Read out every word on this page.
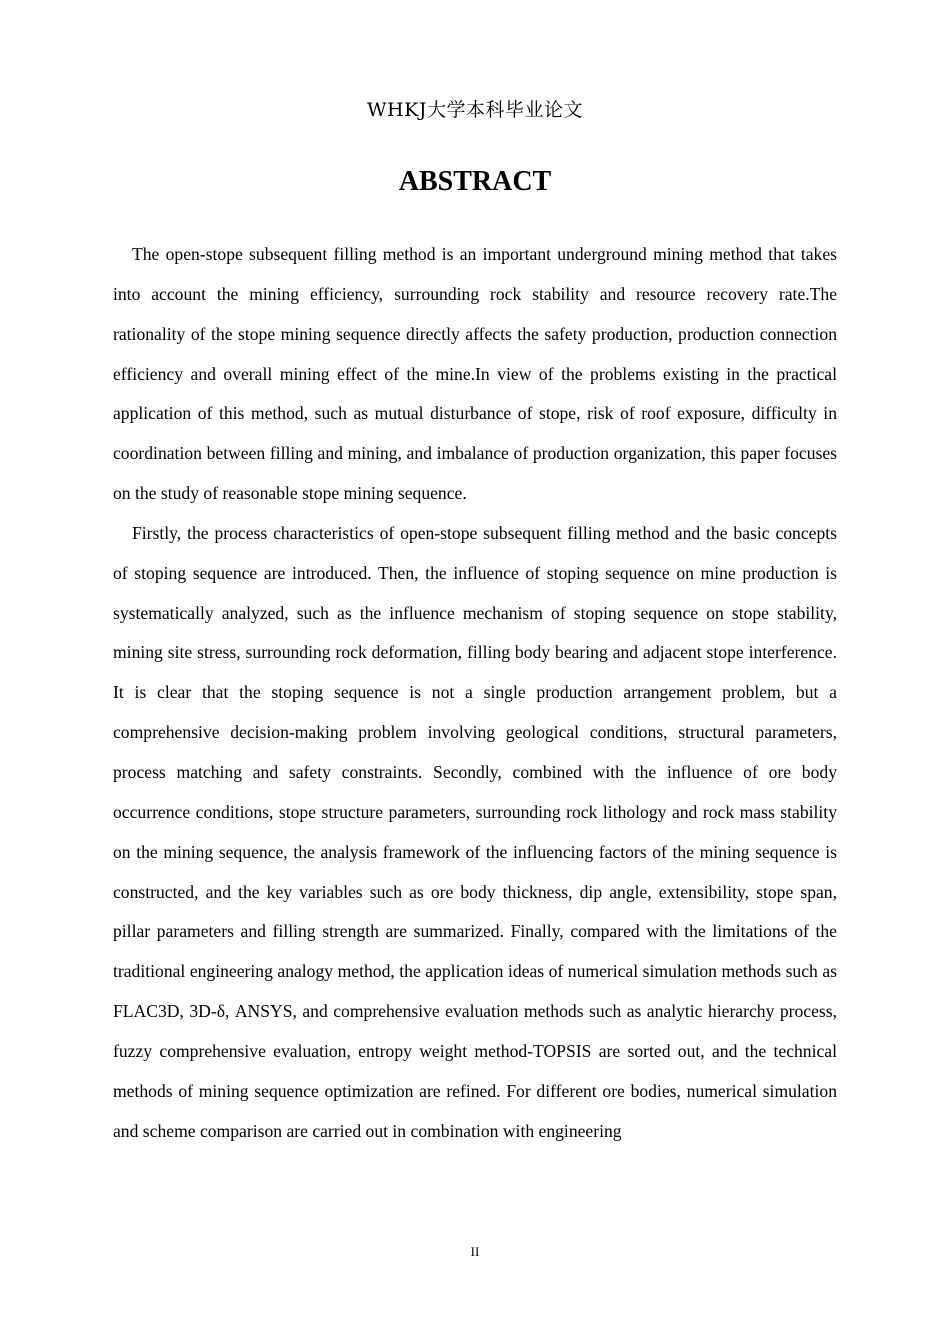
WHKJ大学本科毕业论文
ABSTRACT

The open-stope subsequent filling method is an important underground mining method that takes into account the mining efficiency, surrounding rock stability and resource recovery rate.The rationality of the stope mining sequence directly affects the safety production, production connection efficiency and overall mining effect of the mine.In view of the problems existing in the practical application of this method, such as mutual disturbance of stope, risk of roof exposure, difficulty in coordination between filling and mining, and imbalance of production organization, this paper focuses on the study of reasonable stope mining sequence.

Firstly, the process characteristics of open-stope subsequent filling method and the basic concepts of stoping sequence are introduced. Then, the influence of stoping sequence on mine production is systematically analyzed, such as the influence mechanism of stoping sequence on stope stability, mining site stress, surrounding rock deformation, filling body bearing and adjacent stope interference. It is clear that the stoping sequence is not a single production arrangement problem, but a comprehensive decision-making problem involving geological conditions, structural parameters, process matching and safety constraints. Secondly, combined with the influence of ore body occurrence conditions, stope structure parameters, surrounding rock lithology and rock mass stability on the mining sequence, the analysis framework of the influencing factors of the mining sequence is constructed, and the key variables such as ore body thickness, dip angle, extensibility, stope span, pillar parameters and filling strength are summarized. Finally, compared with the limitations of the traditional engineering analogy method, the application ideas of numerical simulation methods such as FLAC3D, 3D-δ, ANSYS, and comprehensive evaluation methods such as analytic hierarchy process, fuzzy comprehensive evaluation, entropy weight method-TOPSIS are sorted out, and the technical methods of mining sequence optimization are refined. For different ore bodies, numerical simulation and scheme comparison are carried out in combination with engineering

II
